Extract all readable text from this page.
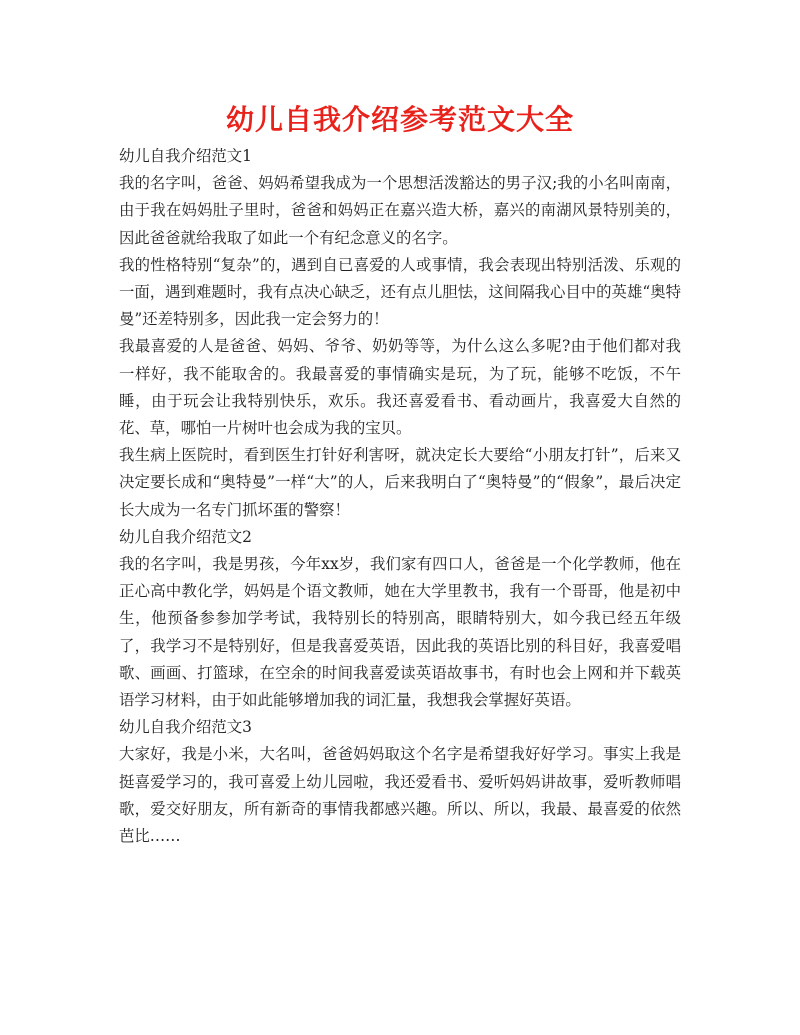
幼儿自我介绍参考范文大全

幼儿自我介绍范文1

我的名字叫，爸爸、妈妈希望我成为一个思想活泼豁达的男子汉;我的小名叫南南，由于我在妈妈肚子里时，爸爸和妈妈正在嘉兴造大桥，嘉兴的南湖风景特别美的，因此爸爸就给我取了如此一个有纪念意义的名字。

我的性格特别“复杂”的，遇到自已喜爱的人或事情，我会表现出特别活泼、乐观的一面，遇到难题时，我有点决心缺乏，还有点儿胆怯，这间隔我心目中的英雄“奥特曼”还差特别多，因此我一定会努力的！

我最喜爱的人是爸爸、妈妈、爷爷、奶奶等等，为什么这么多呢?由于他们都对我一样好，我不能取舍的。我最喜爱的事情确实是玩，为了玩，能够不吃饭，不午睡，由于玩会让我特别快乐，欢乐。我还喜爱看书、看动画片，我喜爱大自然的花、草，哪怕一片树叶也会成为我的宝贝。

我生病上医院时，看到医生打针好利害呀，就决定长大要给“小朋友打针”，后来又决定要长成和“奥特曼”一样“大”的人，后来我明白了“奥特曼”的“假象”，最后决定长大成为一名专门抓坏蛋的警察！

幼儿自我介绍范文2

我的名字叫，我是男孩，今年xx岁，我们家有四口人，爸爸是一个化学教师，他在正心高中教化学，妈妈是个语文教师，她在大学里教书，我有一个哥哥，他是初中生，他预备参参加学考试，我特别长的特别高，眼睛特别大，如今我已经五年级了，我学习不是特别好，但是我喜爱英语，因此我的英语比别的科目好，我喜爱唱歌、画画、打篮球，在空余的时间我喜爱读英语故事书，有时也会上网和并下载英语学习材料，由于如此能够增加我的词汇量，我想我会掌握好英语。

幼儿自我介绍范文3

大家好，我是小米，大名叫，爸爸妈妈取这个名字是希望我好好学习。事实上我是挺喜爱学习的，我可喜爱上幼儿园啦，我还爱看书、爱听妈妈讲故事，爱听教师唱歌，爱交好朋友，所有新奇的事情我都感兴趣。所以、所以，我最、最喜爱的依然芭比……
